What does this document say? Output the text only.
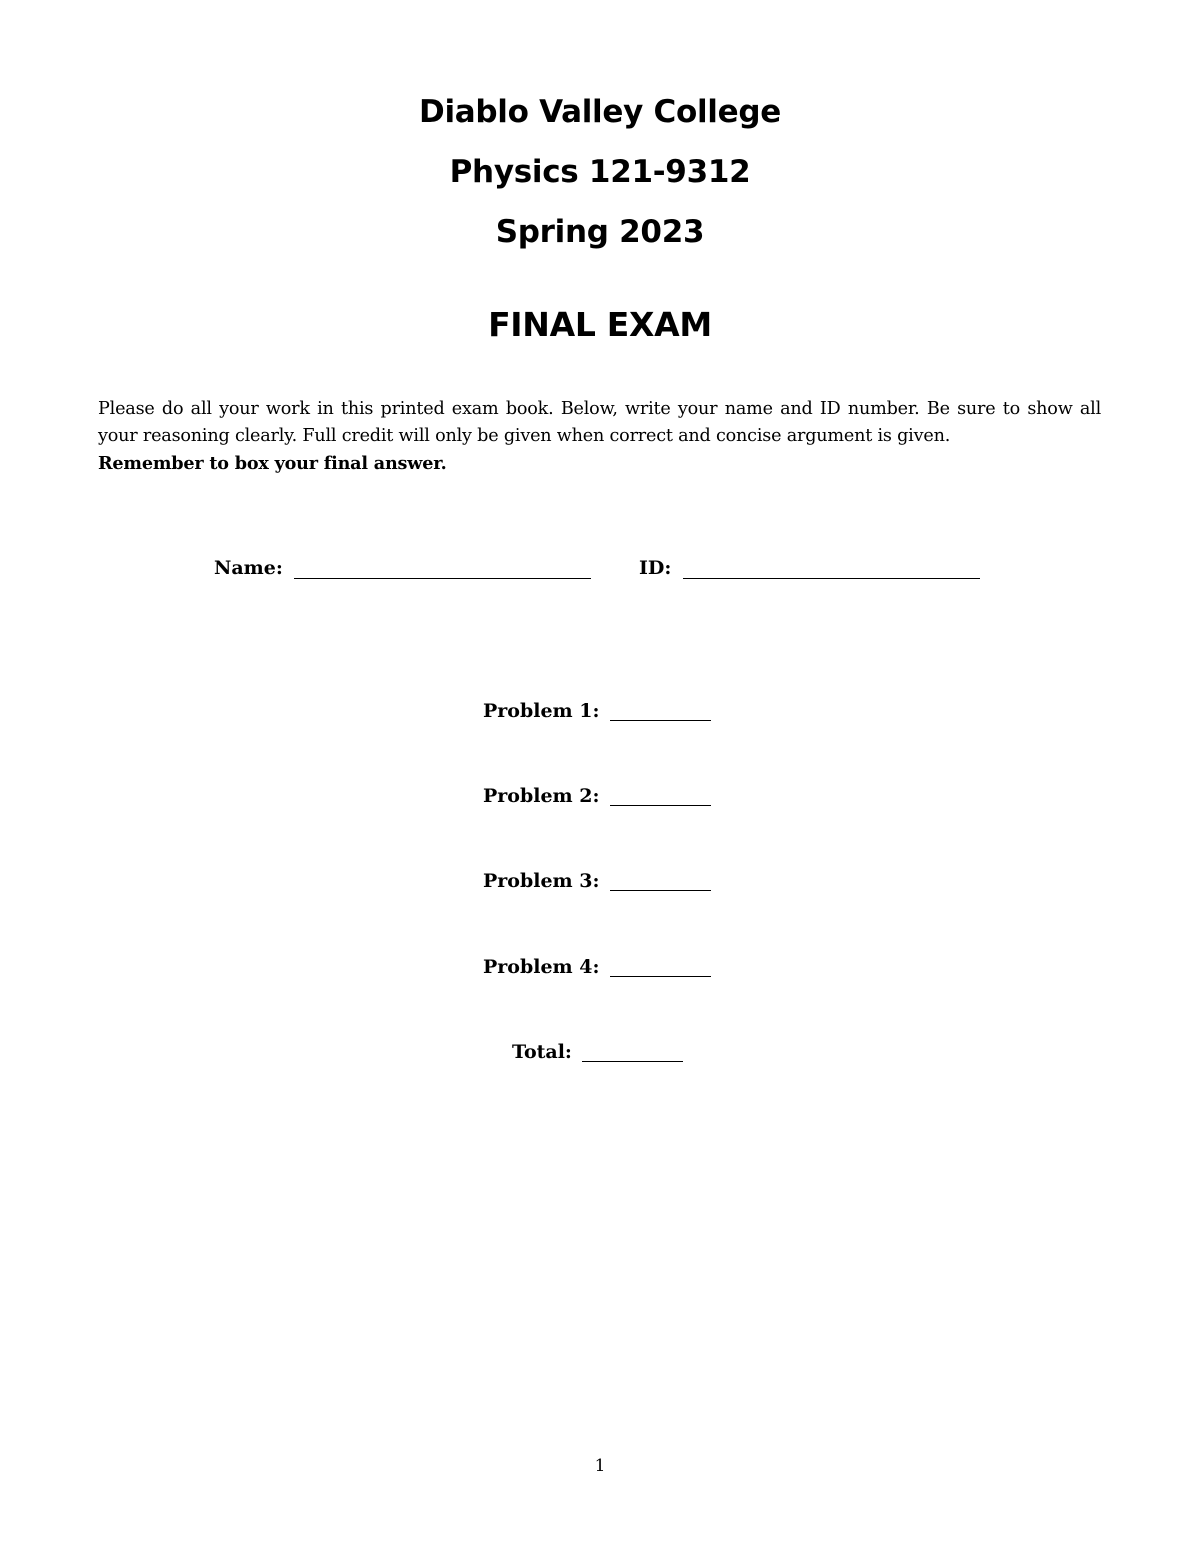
Diablo Valley College
Physics 121-9312
Spring 2023
FINAL EXAM
Please do all your work in this printed exam book. Below, write your name and ID number. Be sure to show all your reasoning clearly. Full credit will only be given when correct and concise argument is given.
Remember to box your final answer.
Name:	ID:
Problem 1:
Problem 2:
Problem 3:
Problem 4:
Total:
1
